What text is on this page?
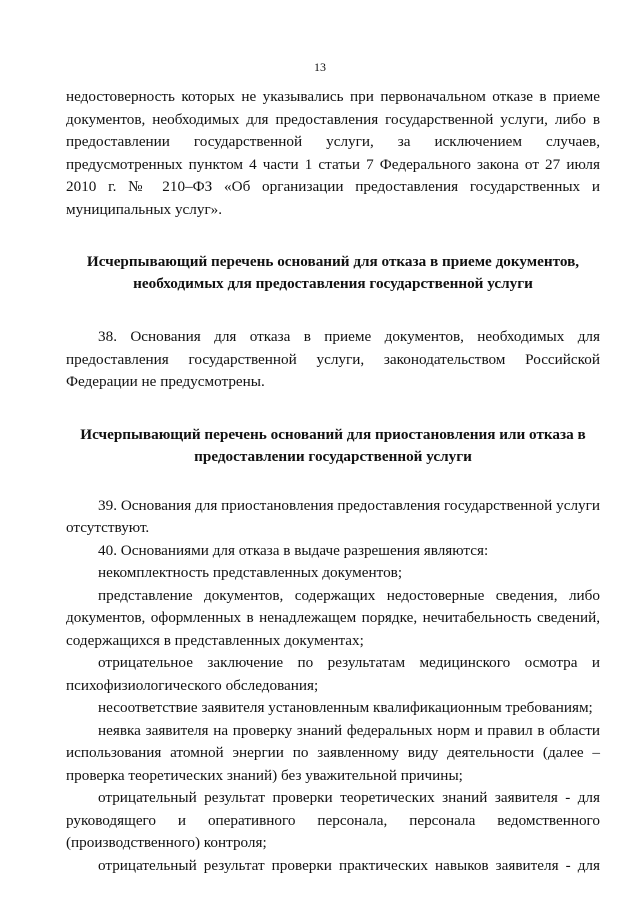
13

недостоверность которых не указывались при первоначальном отказе в приеме документов, необходимых для предоставления государственной услуги, либо в предоставлении государственной услуги, за исключением случаев, предусмотренных пунктом 4 части 1 статьи 7 Федерального закона от 27 июля 2010 г. № 210–ФЗ «Об организации предоставления государственных и муниципальных услуг».

Исчерпывающий перечень оснований для отказа в приеме документов, необходимых для предоставления государственной услуги

38. Основания для отказа в приеме документов, необходимых для предоставления государственной услуги, законодательством Российской Федерации не предусмотрены.

Исчерпывающий перечень оснований для приостановления или отказа в предоставлении государственной услуги

39. Основания для приостановления предоставления государственной услуги отсутствуют.

40. Основаниями для отказа в выдаче разрешения являются:

некомплектность представленных документов;

представление документов, содержащих недостоверные сведения, либо документов, оформленных в ненадлежащем порядке, нечитабельность сведений, содержащихся в представленных документах;

отрицательное заключение по результатам медицинского осмотра и психофизиологического обследования;

несоответствие заявителя установленным квалификационным требованиям;

неявка заявителя на проверку знаний федеральных норм и правил в области использования атомной энергии по заявленному виду деятельности (далее – проверка теоретических знаний) без уважительной причины;

отрицательный результат проверки теоретических знаний заявителя - для руководящего и оперативного персонала, персонала ведомственного (производственного) контроля;

отрицательный результат проверки практических навыков заявителя - для
